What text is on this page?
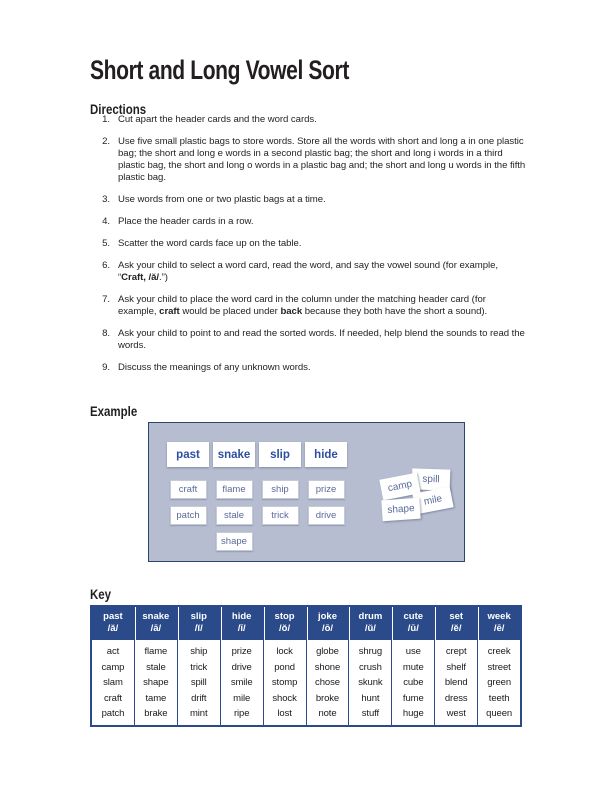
Short and Long Vowel Sort
Directions
1. Cut apart the header cards and the word cards.
2. Use five small plastic bags to store words. Store all the words with short and long a in one plastic bag; the short and long e words in a second plastic bag; the short and long i words in a third plastic bag, the short and long o words in a plastic bag and; the short and long u words in the fifth plastic bag.
3. Use words from one or two plastic bags at a time.
4. Place the header cards in a row.
5. Scatter the word cards face up on the table.
6. Ask your child to select a word card, read the word, and say the vowel sound (for example, “Craft, /ă/.”)
7. Ask your child to place the word card in the column under the matching header card (for example, craft would be placed under back because they both have the short a sound).
8. Ask your child to point to and read the sorted words. If needed, help blend the sounds to read the words.
9. Discuss the meanings of any unknown words.
Example
past
craft
patch
snake
flame
stale
shape
slip
ship
trick
hide
prize
drive
camp spill
shape
mile
Key
past
/ă/
act
camp
slam
craft
patch
snake
/ā/
flame
stale
shape
tame
brake
slip
/ĭ/
ship
trick
spill
drift
mint
hide
/ī/
prize
drive
smile
mile
ripe
stop
/ŏ/
lock
pond
stomp
shock
lost
joke
/ō/
globe
shone
chose
broke
note
drum
/ŭ/
shrug
crush
skunk
hunt
stuff
cute
/ū/
use
mute
cube
fume
huge
set
/ĕ/
crept
shelf
blend
dress
west
week
/ē/
creek
street
green
teeth
queen
